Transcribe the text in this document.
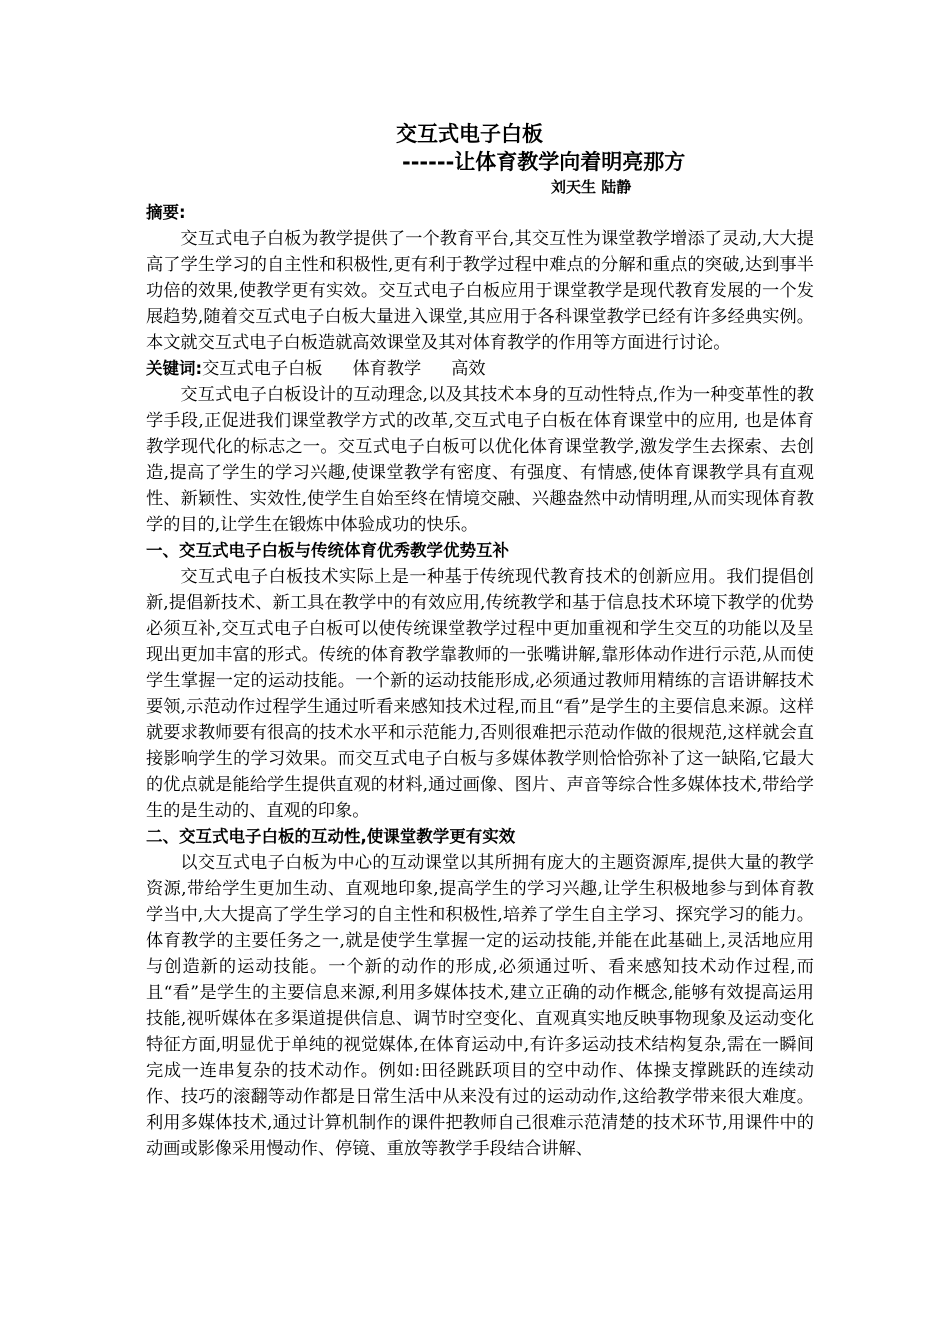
交互式电子白板
------让体育教学向着明亮那方
刘天生 陆静
摘要:

交互式电子白板为教学提供了一个教育平台,其交互性为课堂教学增添了灵动,大大提高了学生学习的自主性和积极性,更有利于教学过程中难点的分解和重点的突破,达到事半功倍的效果,使教学更有实效。交互式电子白板应用于课堂教学是现代教育发展的一个发展趋势,随着交互式电子白板大量进入课堂,其应用于各科课堂教学已经有许多经典实例。本文就交互式电子白板造就高效课堂及其对体育教学的作用等方面进行讨论。

关键词:交互式电子白板 体育教学 高效

交互式电子白板设计的互动理念,以及其技术本身的互动性特点,作为一种变革性的教学手段,正促进我们课堂教学方式的改革,交互式电子白板在体育课堂中的应用, 也是体育教学现代化的标志之一。交互式电子白板可以优化体育课堂教学,激发学生去探索、去创造,提高了学生的学习兴趣,使课堂教学有密度、有强度、有情感,使体育课教学具有直观性、新颖性、实效性,使学生自始至终在情境交融、兴趣盎然中动情明理,从而实现体育教学的目的,让学生在锻炼中体验成功的快乐。

一、交互式电子白板与传统体育优秀教学优势互补

交互式电子白板技术实际上是一种基于传统现代教育技术的创新应用。我们提倡创新,提倡新技术、新工具在教学中的有效应用,传统教学和基于信息技术环境下教学的优势必须互补,交互式电子白板可以使传统课堂教学过程中更加重视和学生交互的功能以及呈现出更加丰富的形式。传统的体育教学靠教师的一张嘴讲解,靠形体动作进行示范,从而使学生掌握一定的运动技能。一个新的运动技能形成,必须通过教师用精练的言语讲解技术要领,示范动作过程学生通过听看来感知技术过程,而且“看”是学生的主要信息来源。这样就要求教师要有很高的技术水平和示范能力,否则很难把示范动作做的很规范,这样就会直接影响学生的学习效果。而交互式电子白板与多媒体教学则恰恰弥补了这一缺陷,它最大的优点就是能给学生提供直观的材料,通过画像、图片、声音等综合性多媒体技术,带给学生的是生动的、直观的印象。

二、交互式电子白板的互动性,使课堂教学更有实效

以交互式电子白板为中心的互动课堂以其所拥有庞大的主题资源库,提供大量的教学资源,带给学生更加生动、直观地印象,提高学生的学习兴趣,让学生积极地参与到体育教学当中,大大提高了学生学习的自主性和积极性,培养了学生自主学习、探究学习的能力。体育教学的主要任务之一,就是使学生掌握一定的运动技能,并能在此基础上,灵活地应用与创造新的运动技能。一个新的动作的形成,必须通过听、看来感知技术动作过程,而且“看”是学生的主要信息来源,利用多媒体技术,建立正确的动作概念,能够有效提高运用技能,视听媒体在多渠道提供信息、调节时空变化、直观真实地反映事物现象及运动变化特征方面,明显优于单纯的视觉媒体,在体育运动中,有许多运动技术结构复杂,需在一瞬间完成一连串复杂的技术动作。例如:田径跳跃项目的空中动作、体操支撑跳跃的连续动作、技巧的滚翻等动作都是日常生活中从来没有过的运动动作,这给教学带来很大难度。利用多媒体技术,通过计算机制作的课件把教师自己很难示范清楚的技术环节,用课件中的动画或影像采用慢动作、停镜、重放等教学手段结合讲解、
